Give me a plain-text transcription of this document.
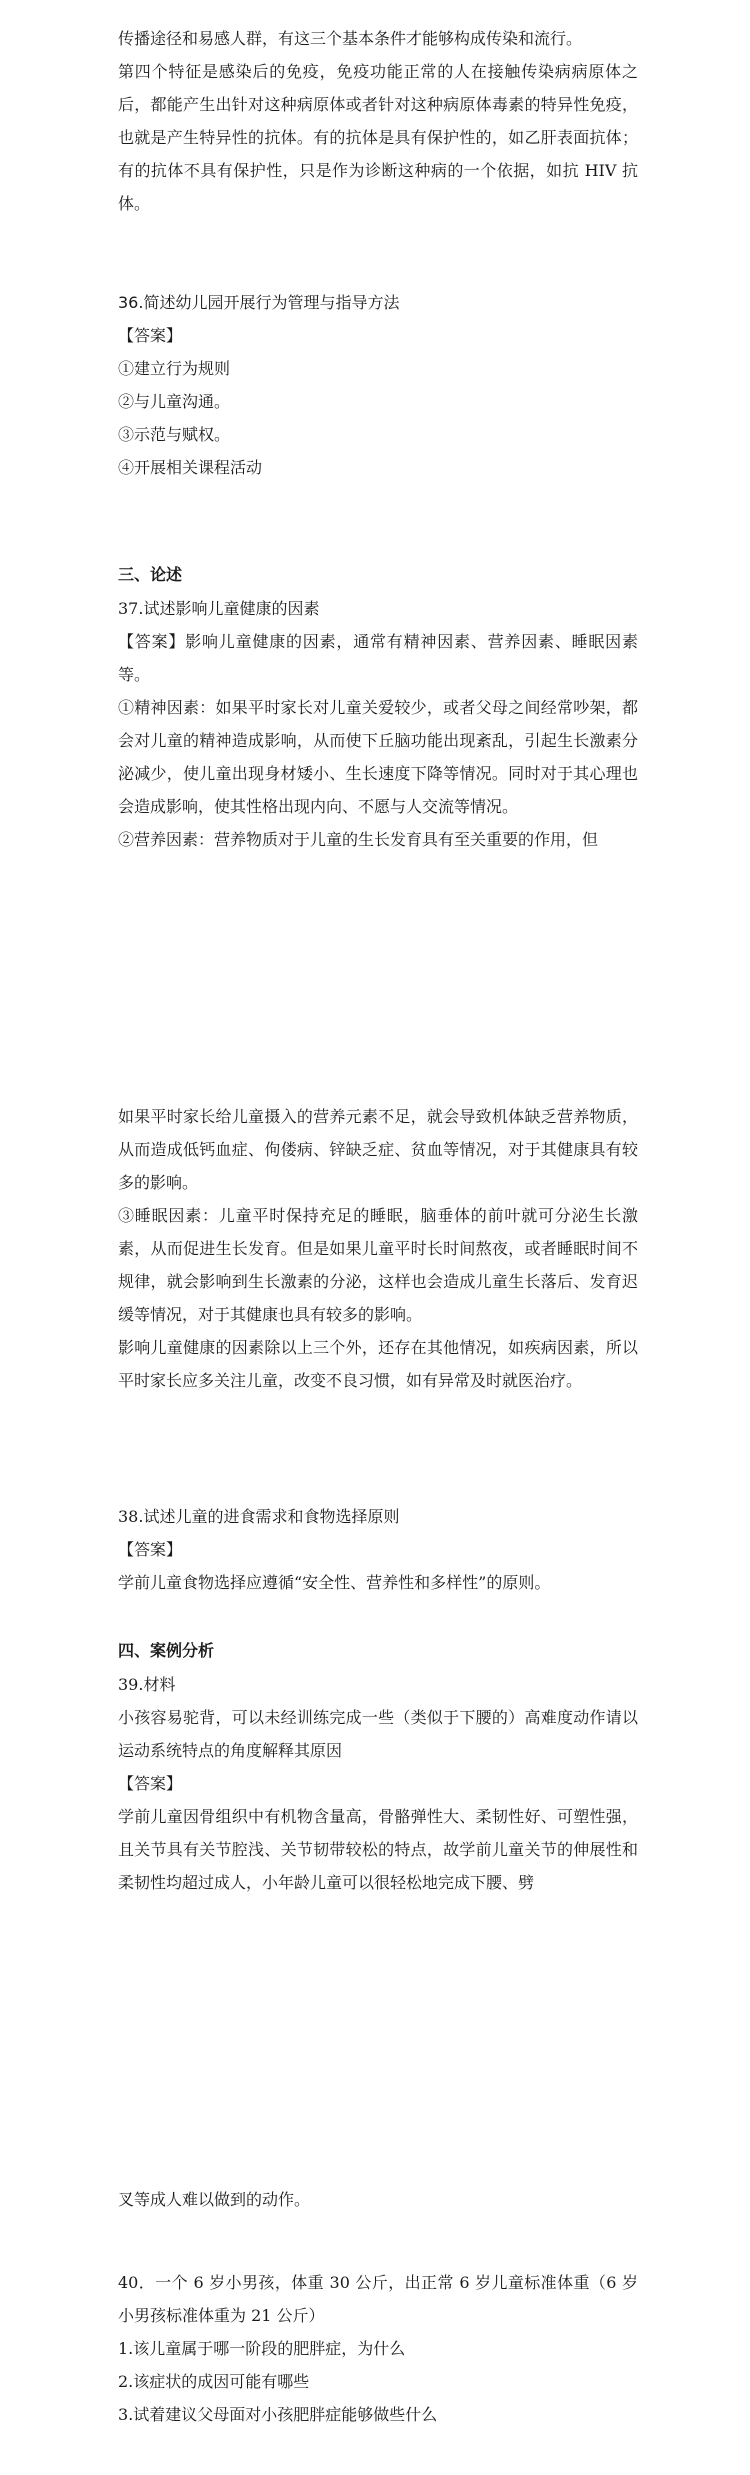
传播途径和易感人群，有这三个基本条件才能够构成传染和流行。

第四个特征是感染后的免疫，免疫功能正常的人在接触传染病病原体之后，都能产生出针对这种病原体或者针对这种病原体毒素的特异性免疫，也就是产生特异性的抗体。有的抗体是具有保护性的，如乙肝表面抗体；有的抗体不具有保护性，只是作为诊断这种病的一个依据，如抗 HIV 抗体。

36.简述幼儿园开展行为管理与指导方法

【答案】

①建立行为规则

②与儿童沟通。

③示范与赋权。

④开展相关课程活动

三、论述

37.试述影响儿童健康的因素

【答案】影响儿童健康的因素，通常有精神因素、营养因素、睡眠因素等。

①精神因素：如果平时家长对儿童关爱较少，或者父母之间经常吵架，都会对儿童的精神造成影响，从而使下丘脑功能出现紊乱，引起生长激素分泌减少，使儿童出现身材矮小、生长速度下降等情况。同时对于其心理也会造成影响，使其性格出现内向、不愿与人交流等情况。

②营养因素：营养物质对于儿童的生长发育具有至关重要的作用，但

如果平时家长给儿童摄入的营养元素不足，就会导致机体缺乏营养物质，从而造成低钙血症、佝偻病、锌缺乏症、贫血等情况，对于其健康具有较多的影响。

③睡眠因素：儿童平时保持充足的睡眠，脑垂体的前叶就可分泌生长激素，从而促进生长发育。但是如果儿童平时长时间熬夜，或者睡眠时间不规律，就会影响到生长激素的分泌，这样也会造成儿童生长落后、发育迟缓等情况，对于其健康也具有较多的影响。

影响儿童健康的因素除以上三个外，还存在其他情况，如疾病因素，所以平时家长应多关注儿童，改变不良习惯，如有异常及时就医治疗。

38.试述儿童的进食需求和食物选择原则

【答案】

学前儿童食物选择应遵循“安全性、营养性和多样性”的原则。

四、案例分析

39.材料

小孩容易驼背，可以未经训练完成一些（类似于下腰的）高难度动作请以运动系统特点的角度解释其原因

【答案】

学前儿童因骨组织中有机物含量高，骨骼弹性大、柔韧性好、可塑性强，且关节具有关节腔浅、关节韧带较松的特点，故学前儿童关节的伸展性和柔韧性均超过成人，小年龄儿童可以很轻松地完成下腰、劈

叉等成人难以做到的动作。

40．一个 6 岁小男孩，体重 30 公斤，出正常 6 岁儿童标准体重（6 岁小男孩标准体重为 21 公斤）

1.该儿童属于哪一阶段的肥胖症，为什么

2.该症状的成因可能有哪些

3.试着建议父母面对小孩肥胖症能够做些什么
